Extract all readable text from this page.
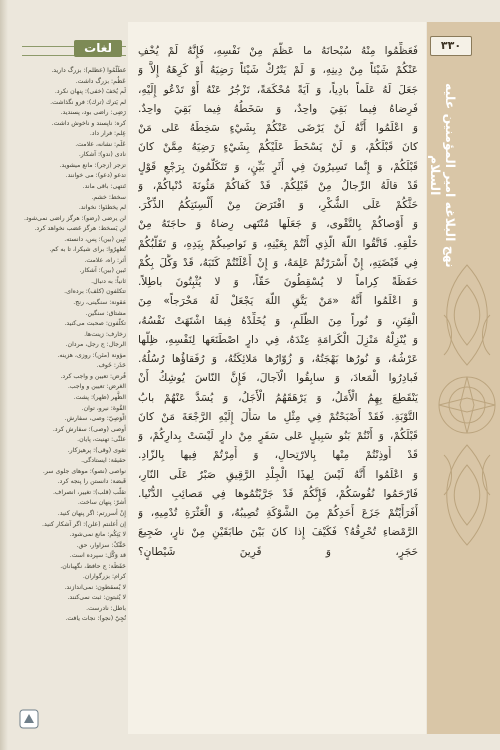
لغات
غطَلّمُوا (عظلم): بزرگ دارید.
عَظُم: بزرگ داشت.
لَم يُخفَ (خفی): پنهان نکرد.
لم يَترك (ترك): فرو نگذاشت.
رَضِی: راضی بود، پسندید.
کره: ناپسند و ناخوش داشت.
عِلم: فرار داد.
عَلَم: نشانه، علامت.
نادی (ندو): آشکار.
تزجر (زجر): مانع میشوید.
تدعو (دعو): می خوانند.
تَنتهی: باقی ماند.
سخط: خشم.
لم يخطئوا: نخواند.
لن يرضی (رضو): هرگز راضی نمی‌شود.
لن يَسخط: هرگز غضب نخواهد کرد.
تَبِين (بين): پس، دانسته.
تُظهرُوا: برای شیکرا، تا به کم.
أثر: راه، علامت.
تَبين (بين): آشکار.
ثانياً: به دنبال.
تتكلفون (كلف): برده‌ای.
مَقونة: سنگینی، رنج.
مشتاق: سنگین.
تكلّفون: صحبت می‌کنید.
زخارف: زینت‌ها.
الرجال: ج رجل، مردان.
مؤونة (مئن): روزی، هزینه.
حَذَر: خَوف.
فُرض: تعیین و واجب کرد.
الغرض: تعیین و واجب.
الظَّهر (ظهر): پشت.
القُوة: نیرو، توان.
الْوَصِيّ: وصی، سفارش.
أوصی (وصی): سفارش کرد.
علنِّی: تهنیت، پایان.
تقوی (وقی): پرهیزکار.
حقیقة: ایستادگی.
نواصی (نصو): موهای جلوی سر.
قَبضة: دانستن را پنجه کرد.
تقلّب (قلب): تغییر، انصراف.
أشرّ: پنهان ساخت.
إِنْ أسررتم: اگر پنهان کنید.
إن أعلنتم (علن): اگر آشکار کنید.
لا يَتِكُم: مانع نمی‌شود.
حَقَّکُ: سزاوار، حق.
قد وَكَّل: سپرده است.
حَفَظَة: ج حافظ، نگهبانان.
كرام: بزرگواران.
لا يُسقطون: نمی‌اندازند.
لا يُثبتون: ثبت نمی‌کنند.
باطل: نادرست.
نُجِيّ (نجو): نجات یافت.
فَعَظِّمُوا مِنْهُ سُبْحانَهُ ما عَظَّمَ مِنْ نَفْسِهِ، فَإِنَّهُ لَمْ يُخْفِ
عَنْكُمْ شَيْئاً مِنْ دِينِهِ، وَ لَمْ يَتْرُكْ شَيْئاً رَضِيَهُ أَوْ كَرِهَهُ إِلاَّ وَ
جَعَلَ لَهُ عَلَماً بادِياً، وَ آيَةً مُحْكَمَةً، تَزْجُرُ عَنْهُ أَوْ تَدْعُو إِلَيْهِ،
فَرِضاهُ فِيما بَقِيَ واحِدٌ، وَ سَخَطُهُ فِيما بَقِيَ واحِدٌ.
وَ اعْلَمُوا أَنَّهُ لَنْ يَرْضَى عَنْكُمْ بِشَيْءٍ سَخِطَهُ عَلى مَنْ
كانَ قَبْلَكُمْ، وَ لَنْ يَسْخَطَ عَلَيْكُمْ بِشَيْءٍ رَضِيَهُ مِمَّنْ كانَ
قَبْلَكُمْ، وَ إِنَّما تَسِيرُونَ فِي أَثَرٍ بَيِّنٍ، وَ تَتَكَلَّمُونَ بِرَجْعِ قَوْلٍ
قَدْ قالَهُ الرِّجالُ مِنْ قَبْلِكُمْ. قَدْ كَفاكُمْ مَئُونَةَ دُنْياكُمْ، وَ
حَثَّكُمْ عَلَى الشُّكْرِ، وَ افْتَرَضَ مِنْ أَلْسِنَتِكُمُ الذِّكْرَ.
وَ أَوْصاكُمْ بِالتَّقْوى، وَ جَعَلَها مُنْتَهى رِضاهُ وَ حاجَتَهُ مِنْ
خَلْقِهِ. فَاتَّقُوا اللّهَ الَّذِي أَنْتُمْ بِعَيْنِهِ، وَ نَواصِيكُمْ بِيَدِهِ، وَ تَقَلُّبُكُمْ
فِي قَبْضَتِهِ، إِنْ أَسْرَرْتُمْ عَلِمَهُ، وَ إِنْ أَعْلَنْتُمْ كَتَبَهُ، قَدْ وَكَّلَ بِكُمْ
حَفَظَةً كِراماً لا يُسْقِطُونَ حَقّاً، وَ لا يُثْبِتُونَ باطِلاً.
وَ اعْلَمُوا أَنَّهُ «مَنْ يَتَّقِ اللّهَ يَجْعَلْ لَهُ مَخْرَجاً» مِنَ
الْفِتَنِ، وَ نُوراً مِنَ الظُّلَمِ، وَ يُخَلِّدْهُ فِيمَا اشْتَهَتْ نَفْسُهُ،
وَ يُنْزِلْهُ مَنْزِلَ الْكَرامَةِ عِنْدَهُ، فِي دارٍ اصْطَنَعَها لِنَفْسِهِ، ظِلُّها
عَرْشُهُ، وَ نُورُها بَهْجَتُهُ، وَ زُوّارُها مَلائِكَتُهُ، وَ رُفَقاؤُها رُسُلُهُ.
فَبادِرُوا الْمَعادَ، وَ سابِقُوا الْآجالَ، فَإِنَّ النّاسَ يُوشِكُ أَنْ
يَنْقَطِعَ بِهِمُ الْأَمَلُ، وَ يَرْهَقَهُمُ الْأَجَلُ، وَ يُسَدَّ عَنْهُمْ بابُ
التَّوْبَةِ. فَقَدْ أَصْبَحْتُمْ فِي مِثْلِ ما سَأَلَ إِلَيْهِ الرَّجْعَةَ مَنْ كانَ
قَبْلَكُمْ، وَ أَنْتُمْ بَنُو سَبِيلٍ عَلى سَفَرٍ مِنْ دارٍ لَيْسَتْ بِدارِكُمْ، وَ
قَدْ أُوذِنْتُمْ مِنْها بِالارْتِحالِ، وَ أُمِرْتُمْ فِيها بِالزّادِ.
وَ اعْلَمُوا أَنَّهُ لَيْسَ لِهذَا الْجِلْدِ الرَّقِيقِ صَبْرٌ عَلَى النّارِ،
فَارْحَمُوا نُفُوسَكُمْ، فَإِنَّكُمْ قَدْ جَرَّبْتُمُوها فِي مَصائِبِ الدُّنْيا.
أَفَرَأَيْتُمْ جَزَعَ أَحَدِكُمْ مِنَ الشَّوْكَةِ تُصِيبُهُ، وَ الْعَثْرَةِ تُدْمِيهِ، وَ
الرَّمْضاءِ تُحْرِقُهُ؟ فَكَيْفَ إِذا كانَ بَيْنَ طابَقَيْنِ مِنْ نارٍ، ضَجِيعَ
حَجَرٍ، وَ قَرِينَ شَيْطانٍ؟
۳۳۰
نهج البلاغه امیر المؤمنین علیه السلام
